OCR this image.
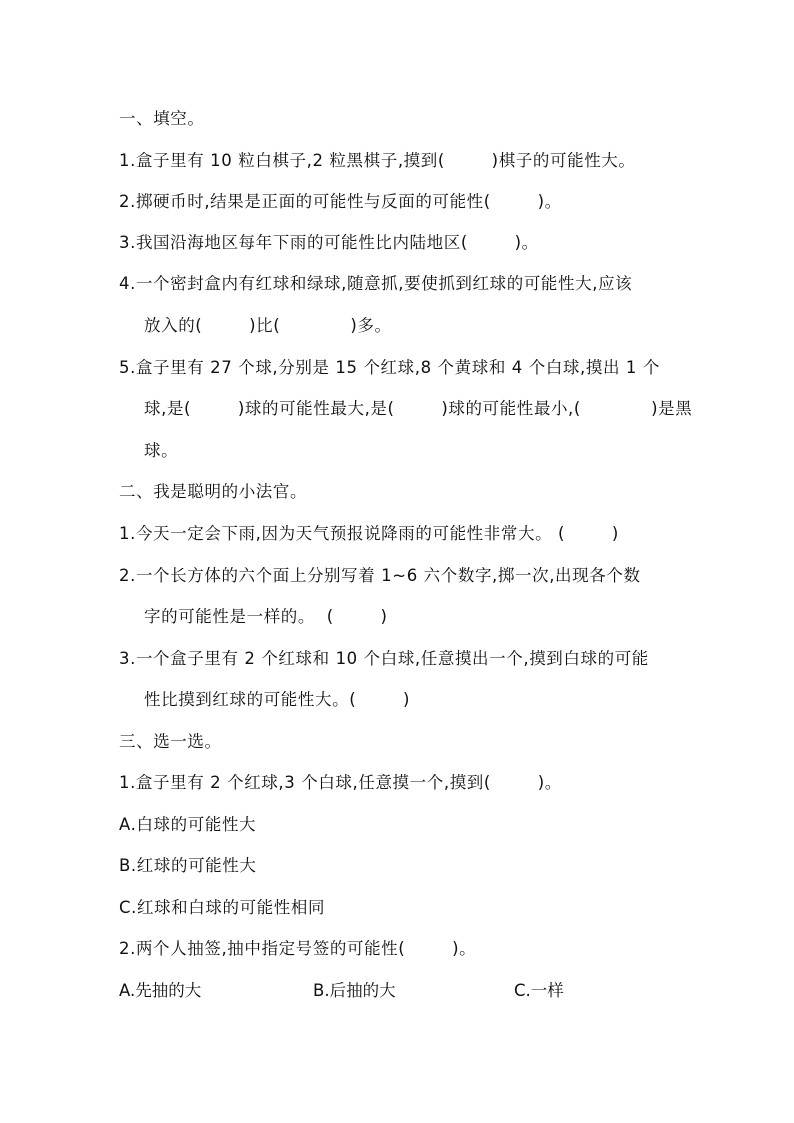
一、填空。
1.盒子里有 10 粒白棋子,2 粒黑棋子,摸到(        )棋子的可能性大。
2.掷硬币时,结果是正面的可能性与反面的可能性(        )。
3.我国沿海地区每年下雨的可能性比内陆地区(        )。
4.一个密封盒内有红球和绿球,随意抓,要使抓到红球的可能性大,应该
放入的(        )比(            )多。
5.盒子里有 27 个球,分别是 15 个红球,8 个黄球和 4 个白球,摸出 1 个
球,是(        )球的可能性最大,是(        )球的可能性最小,(            )是黑
球。
二、我是聪明的小法官。
1.今天一定会下雨,因为天气预报说降雨的可能性非常大。 (        )
2.一个长方体的六个面上分别写着 1~6 六个数字,掷一次,出现各个数
字的可能性是一样的。  (        )
3.一个盒子里有 2 个红球和 10 个白球,任意摸出一个,摸到白球的可能
性比摸到红球的可能性大。(        )
三、选一选。
1.盒子里有 2 个红球,3 个白球,任意摸一个,摸到(        )。
A.白球的可能性大
B.红球的可能性大
C.红球和白球的可能性相同
2.两个人抽签,抽中指定号签的可能性(        )。
A.先抽的大	B.后抽的大	C.一样
